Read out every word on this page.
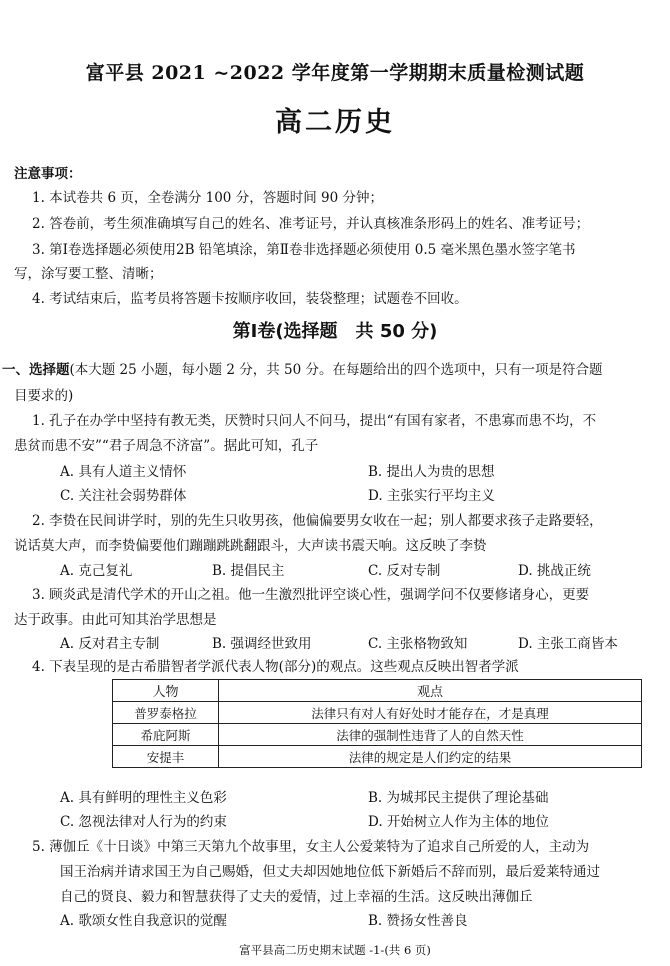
富平县 2021 ~2022 学年度第一学期期末质量检测试题
高二历史
注意事项：
1. 本试卷共 6 页，全卷满分 100 分，答题时间 90 分钟；
2. 答卷前，考生须准确填写自己的姓名、准考证号，并认真核准条形码上的姓名、准考证号；
3. 第Ⅰ卷选择题必须使用2B 铅笔填涂，第Ⅱ卷非选择题必须使用 0.5 毫米黑色墨水签字笔书
写，涂写要工整、清晰；
4. 考试结束后，监考员将答题卡按顺序收回，装袋整理；试题卷不回收。
第Ⅰ卷(选择题　共 50 分)
一、选择题(本大题 25 小题，每小题 2 分，共 50 分。在每题给出的四个选项中，只有一项是符合题
目要求的)
1. 孔子在办学中坚持有教无类，厌赞时只问人不问马，提出“有国有家者，不患寡而患不均，不
患贫而患不安”“君子周急不济富”。据此可知，孔子
A. 具有人道主义情怀	B. 提出人为贵的思想
C. 关注社会弱势群体	D. 主张实行平均主义
2. 李贽在民间讲学时，别的先生只收男孩，他偏偏要男女收在一起；别人都要求孩子走路要轻，
说话莫大声，而李贽偏要他们蹦蹦跳跳翻跟斗，大声读书震天响。这反映了李贽
A. 克己复礼	B. 提倡民主	C. 反对专制	D. 挑战正统
3. 顾炎武是清代学术的开山之祖。他一生激烈批评空谈心性，强调学问不仅要修诸身心，更要
达于政事。由此可知其治学思想是
A. 反对君主专制	B. 强调经世致用	C. 主张格物致知	D. 主张工商皆本
4. 下表呈现的是古希腊智者学派代表人物(部分)的观点。这些观点反映出智者学派
人物	观点
普罗泰格拉	法律只有对人有好处时才能存在，才是真理
希庇阿斯	法律的强制性违背了人的自然天性
安提丰	法律的规定是人们约定的结果
A. 具有鲜明的理性主义色彩	B. 为城邦民主提供了理论基础
C. 忽视法律对人行为的约束	D. 开始树立人作为主体的地位
5. 薄伽丘《十日谈》中第三天第九个故事里，女主人公爱莱特为了追求自己所爱的人，主动为
国王治病并请求国王为自己赐婚，但丈夫却因她地位低下新婚后不辞而别，最后爱莱特通过
自己的贤良、毅力和智慧获得了丈夫的爱情，过上幸福的生活。这反映出薄伽丘
A. 歌颂女性自我意识的觉醒	B. 赞扬女性善良
富平县高二历史期末试题 -1-(共 6 页)
